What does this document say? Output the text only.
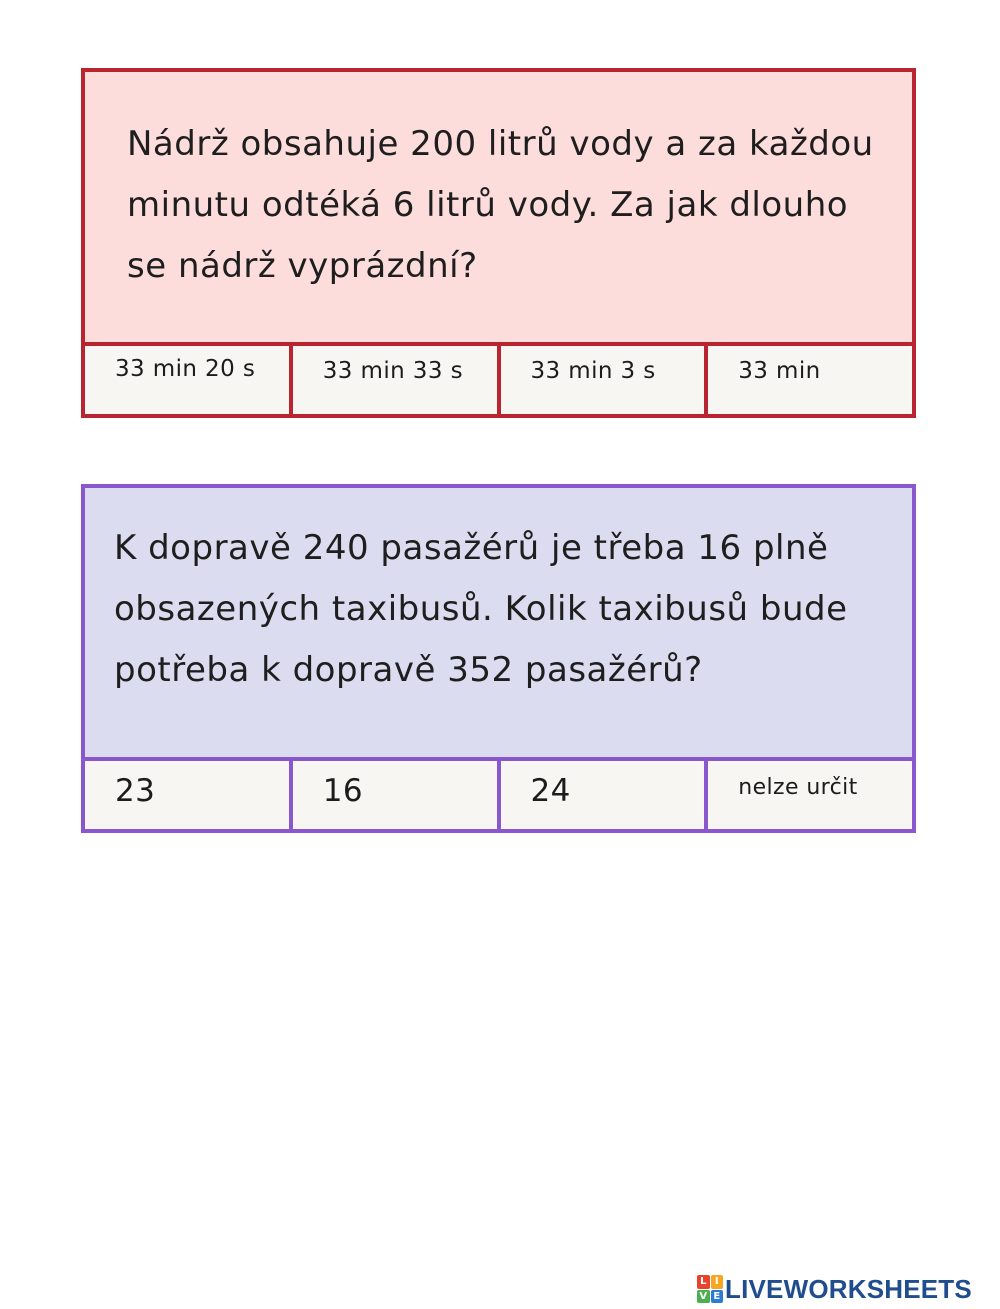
Nádrž obsahuje 200 litrů vody a za každou minutu odtéká 6 litrů vody. Za jak dlouho se nádrž vyprázdní?
33 min 20 s	33 min 33 s	33 min 3 s	33 min
K dopravě 240 pasažérů je třeba 16 plně obsazených taxibusů. Kolik taxibusů bude potřeba k dopravě 352 pasažérů?
23	16	24	nelze určit
L I
V E LIVEWORKSHEETS
